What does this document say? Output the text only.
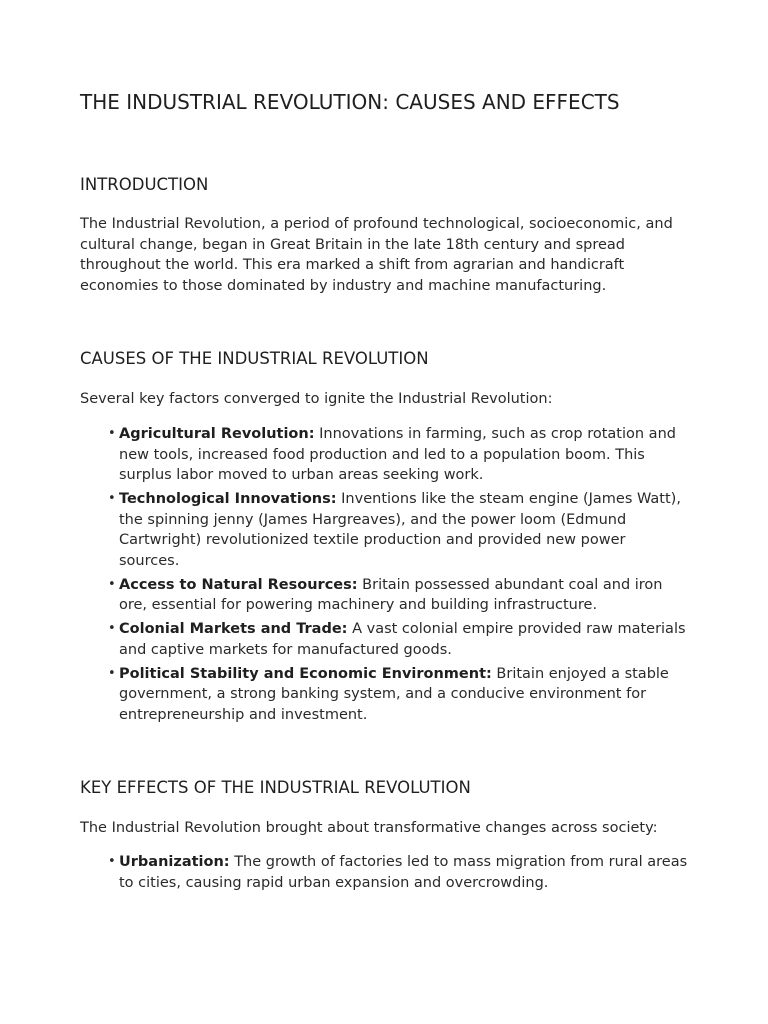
THE INDUSTRIAL REVOLUTION: CAUSES AND EFFECTS
INTRODUCTION

The Industrial Revolution, a period of profound technological, socioeconomic, and cultural change, began in Great Britain in the late 18th century and spread throughout the world. This era marked a shift from agrarian and handicraft economies to those dominated by industry and machine manufacturing.

CAUSES OF THE INDUSTRIAL REVOLUTION

Several key factors converged to ignite the Industrial Revolution:

• Agricultural Revolution: Innovations in farming, such as crop rotation and new tools, increased food production and led to a population boom. This surplus labor moved to urban areas seeking work.
• Technological Innovations: Inventions like the steam engine (James Watt), the spinning jenny (James Hargreaves), and the power loom (Edmund Cartwright) revolutionized textile production and provided new power sources.
• Access to Natural Resources: Britain possessed abundant coal and iron ore, essential for powering machinery and building infrastructure.
• Colonial Markets and Trade: A vast colonial empire provided raw materials and captive markets for manufactured goods.
• Political Stability and Economic Environment: Britain enjoyed a stable government, a strong banking system, and a conducive environment for entrepreneurship and investment.
KEY EFFECTS OF THE INDUSTRIAL REVOLUTION

The Industrial Revolution brought about transformative changes across society:

• Urbanization: The growth of factories led to mass migration from rural areas to cities, causing rapid urban expansion and overcrowding.
